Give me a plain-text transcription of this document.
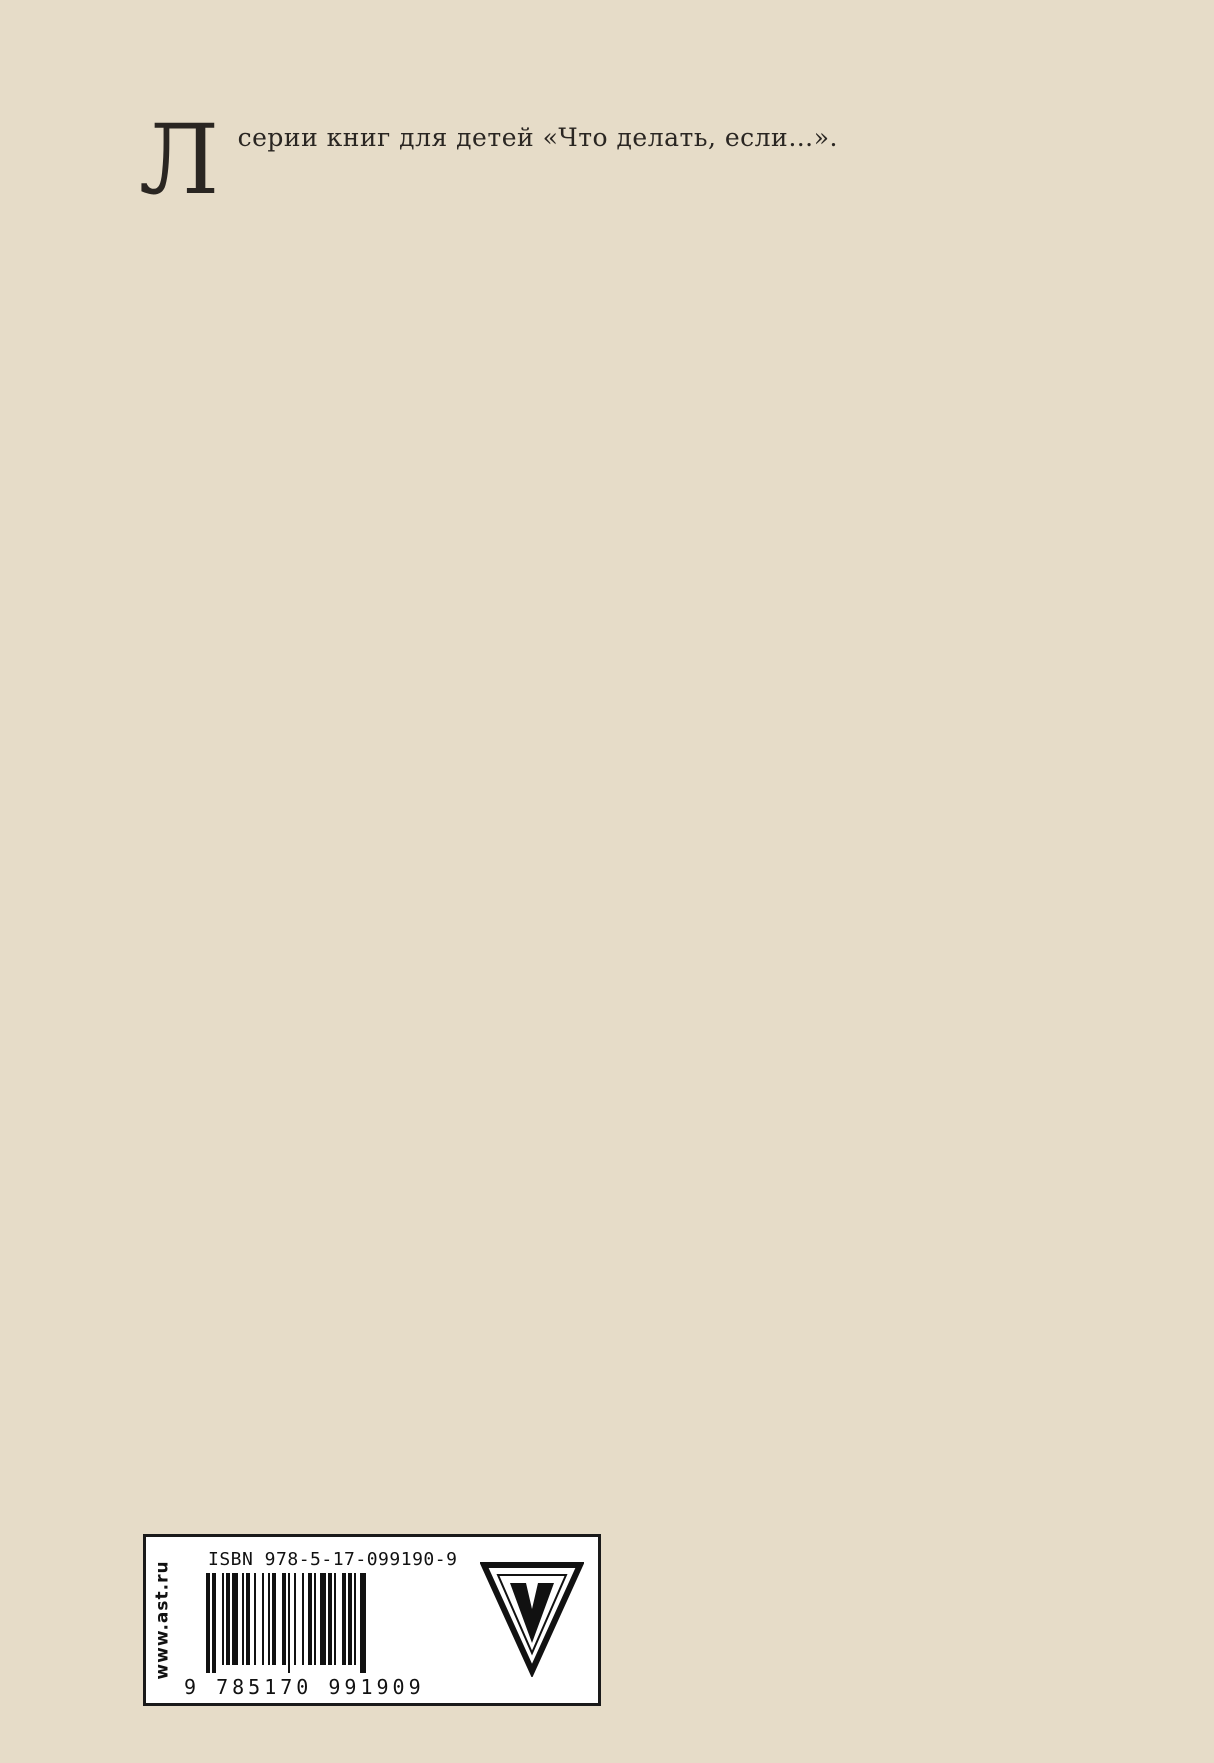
Л серии книг для детей «Что делать, если…».
www.ast.ru
ISBN 978-5-17-099190-9
9 785170 991909
